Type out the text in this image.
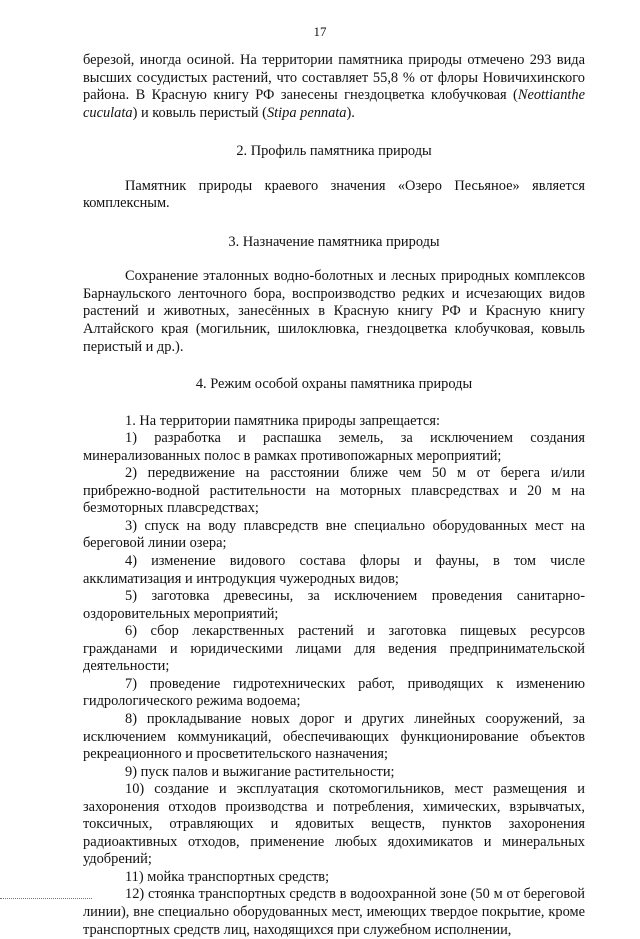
17

березой, иногда осиной. На территории памятника природы отмечено 293 вида высших сосудистых растений, что составляет 55,8 % от флоры Новичихинского района. В Красную книгу РФ занесены гнездоцветка клобучковая (Neottianthe cuculata) и ковыль перистый (Stipa pennata).

2. Профиль памятника природы

Памятник природы краевого значения «Озеро Песьяное» является комплексным.

3. Назначение памятника природы

Сохранение эталонных водно-болотных и лесных природных комплексов Барнаульского ленточного бора, воспроизводство редких и исчезающих видов растений и животных, занесённых в Красную книгу РФ и Красную книгу Алтайского края (могильник, шилоклювка, гнездоцветка клобучковая, ковыль перистый и др.).

4. Режим особой охраны памятника природы

1. На территории памятника природы запрещается:

1) разработка и распашка земель, за исключением создания минерализованных полос в рамках противопожарных мероприятий;

2) передвижение на расстоянии ближе чем 50 м от берега и/или прибрежно-водной растительности на моторных плавсредствах и 20 м на безмоторных плавсредствах;

3) спуск на воду плавсредств вне специально оборудованных мест на береговой линии озера;

4) изменение видового состава флоры и фауны, в том числе акклиматизация и интродукция чужеродных видов;

5) заготовка древесины, за исключением проведения санитарно-оздоровительных мероприятий;

6) сбор лекарственных растений и заготовка пищевых ресурсов гражданами и юридическими лицами для ведения предпринимательской деятельности;

7) проведение гидротехнических работ, приводящих к изменению гидрологического режима водоема;

8) прокладывание новых дорог и других линейных сооружений, за исключением коммуникаций, обеспечивающих функционирование объектов рекреационного и просветительского назначения;

9) пуск палов и выжигание растительности;

10) создание и эксплуатация скотомогильников, мест размещения и захоронения отходов производства и потребления, химических, взрывчатых, токсичных, отравляющих и ядовитых веществ, пунктов захоронения радиоактивных отходов, применение любых ядохимикатов и минеральных удобрений;

11) мойка транспортных средств;

12) стоянка транспортных средств в водоохранной зоне (50 м от береговой линии), вне специально оборудованных мест, имеющих твердое покрытие, кроме транспортных средств лиц, находящихся при служебном исполнении,
